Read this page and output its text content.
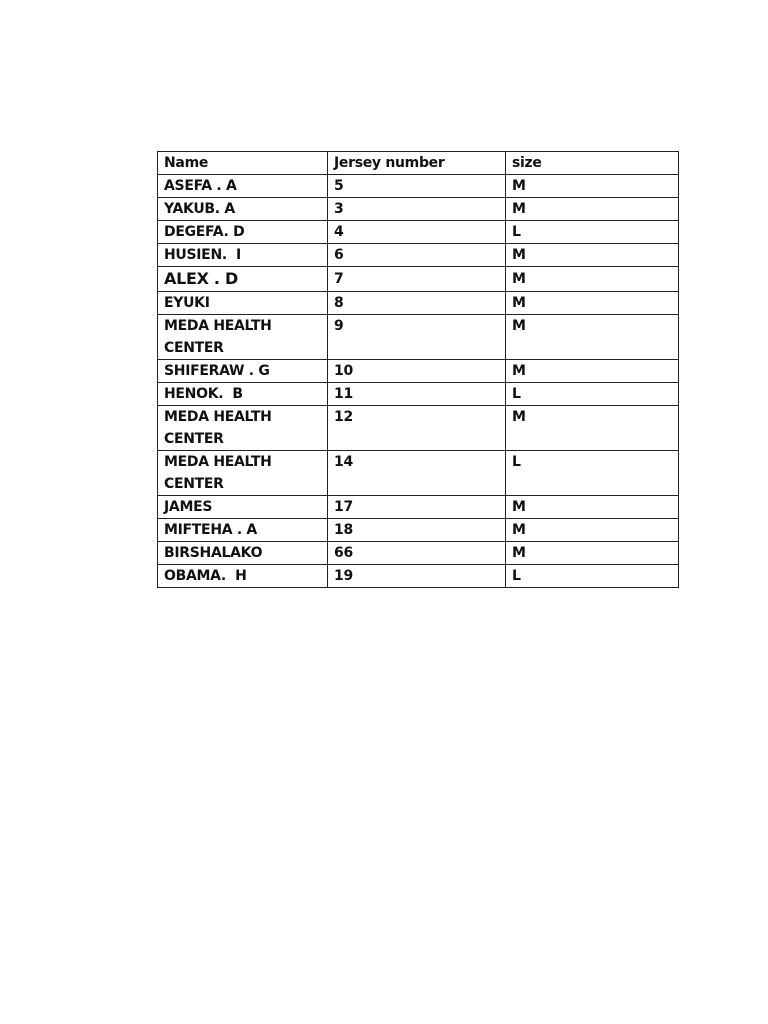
Name	Jersey number	size
ASEFA . A	5	M
YAKUB. A	3	M
DEGEFA. D	4	L
HUSIEN.  I	6	M
ALEX . D	7	M
EYUKI	8	M
MEDA HEALTH CENTER	9	M
SHIFERAW . G	10	M
HENOK.  B	11	L
MEDA HEALTH CENTER	12	M
MEDA HEALTH CENTER	14	L
JAMES	17	M
MIFTEHA . A	18	M
BIRSHALAKO	66	M
OBAMA.  H	19	L
